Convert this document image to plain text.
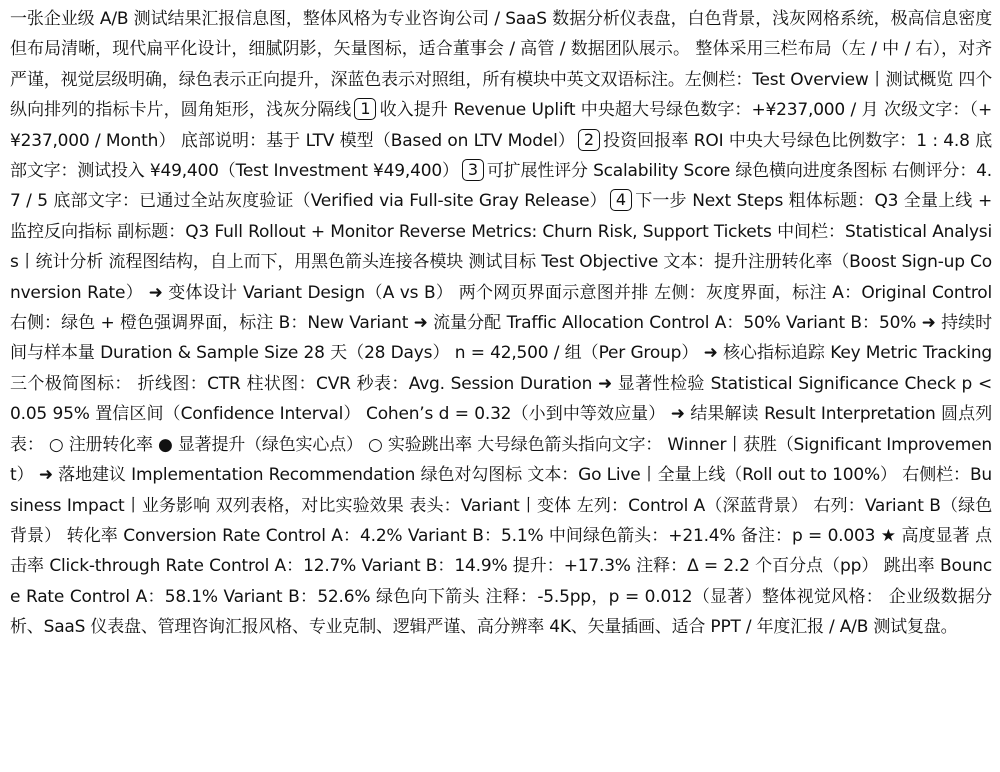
一张企业级 A/B 测试结果汇报信息图，整体风格为专业咨询公司 / SaaS 数据分析仪表盘，白色背景，浅灰网格系统，极高信息密度但布局清晰，现代扁平化设计，细腻阴影，矢量图标，适合董事会 / 高管 / 数据团队展示。 整体采用三栏布局（左 / 中 / 右），对齐严谨，视觉层级明确，绿色表示正向提升，深蓝色表示对照组，所有模块中英文双语标注。左侧栏：Test Overview丨测试概览 四个纵向排列的指标卡片，圆角矩形，浅灰分隔线 1 收入提升 Revenue Uplift 中央超大号绿色数字：+¥237,000 / 月 次级文字：（+¥237,000 / Month） 底部说明：基于 LTV 模型（Based on LTV Model） 2 投资回报率 ROI 中央大号绿色比例数字：1 : 4.8 底部文字：测试投入 ¥49,400（Test Investment ¥49,400） 3 可扩展性评分 Scalability Score 绿色横向进度条图标 右侧评分：4.7 / 5 底部文字：已通过全站灰度验证（Verified via Full-site Gray Release） 4 下一步 Next Steps 粗体标题：Q3 全量上线 + 监控反向指标 副标题：Q3 Full Rollout + Monitor Reverse Metrics: Churn Risk, Support Tickets 中间栏：Statistical Analysis丨统计分析 流程图结构，自上而下，用黑色箭头连接各模块 测试目标 Test Objective 文本：提升注册转化率（Boost Sign-up Conversion Rate） ➜ 变体设计 Variant Design（A vs B） 两个网页界面示意图并排 左侧：灰度界面，标注 A：Original Control 右侧：绿色 + 橙色强调界面，标注 B：New Variant ➜ 流量分配 Traffic Allocation Control A：50% Variant B：50% ➜ 持续时间与样本量 Duration & Sample Size 28 天（28 Days） n = 42,500 / 组（Per Group） ➜ 核心指标追踪 Key Metric Tracking 三个极简图标： 折线图：CTR 柱状图：CVR 秒表：Avg. Session Duration ➜ 显著性检验 Statistical Significance Check p < 0.05 95% 置信区间（Confidence Interval） Cohen’s d = 0.32（小到中等效应量） ➜ 结果解读 Result Interpretation 圆点列表： ○ 注册转化率 ● 显著提升（绿色实心点） ○ 实验跳出率 大号绿色箭头指向文字： Winner丨获胜（Significant Improvement） ➜ 落地建议 Implementation Recommendation 绿色对勾图标 文本：Go Live丨全量上线（Roll out to 100%） 右侧栏：Business Impact丨业务影响 双列表格，对比实验效果 表头：Variant丨变体 左列：Control A（深蓝背景） 右列：Variant B（绿色背景） 转化率 Conversion Rate Control A：4.2% Variant B：5.1% 中间绿色箭头：+21.4% 备注：p = 0.003 ★ 高度显著 点击率 Click-through Rate Control A：12.7% Variant B：14.9% 提升：+17.3% 注释：Δ = 2.2 个百分点（pp） 跳出率 Bounce Rate Control A：58.1% Variant B：52.6% 绿色向下箭头 注释：-5.5pp，p = 0.012（显著）整体视觉风格： 企业级数据分析、SaaS 仪表盘、管理咨询汇报风格、专业克制、逻辑严谨、高分辨率 4K、矢量插画、适合 PPT / 年度汇报 / A/B 测试复盘。
